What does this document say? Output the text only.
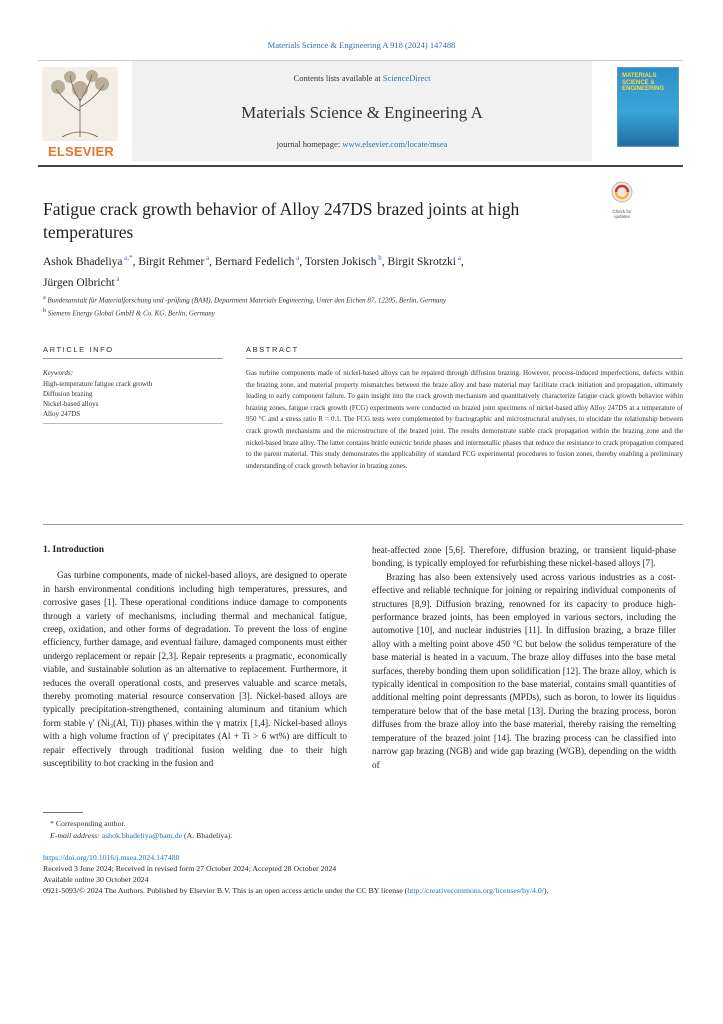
Materials Science & Engineering A 918 (2024) 147488
ELSEVIER
Contents lists available at ScienceDirect
Materials Science & Engineering A
journal homepage: www.elsevier.com/locate/msea
MATERIALS SCIENCE & ENGINEERING
Fatigue crack growth behavior of Alloy 247DS brazed joints at high temperatures
Check for updates
Ashok Bhadeliya $^{a,*}$, Birgit Rehmer $^a$, Bernard Fedelich $^a$, Torsten Jokisch $^b$, Birgit Skrotzki $^a$,
Jürgen Olbricht $^a$
$^a$ Bundesanstalt für Materialforschung und -prüfung (BAM), Department Materials Engineering, Unter den Eichen 87, 12205, Berlin, Germany
$^b$ Siemens Energy Global GmbH & Co. KG, Berlin, Germany
ARTICLE INFO
Keywords:
High-temperature fatigue crack growth
Diffusion brazing
Nickel-based alloys
Alloy 247DS
ABSTRACT
Gas turbine components made of nickel-based alloys can be repaired through diffusion brazing. However, process-induced imperfections, defects within the brazing zone, and material property mismatches between the braze alloy and base material may facilitate crack initiation and propagation, ultimately leading to early component failure. To gain insight into the crack growth mechanism and quantitatively characterize fatigue crack growth behavior within brazing zones, fatigue crack growth (FCG) experiments were conducted on brazed joint specimens of nickel-based alloy Alloy 247DS at a temperature of 950 °C and a stress ratio R = 0.1. The FCG tests were complemented by fractographic and microstructural analyses, to elucidate the relationship between crack growth mechanisms and the microstructure of the brazed joint. The results demonstrate stable crack propagation within the brazing zone and the nickel-based braze alloy. The latter contains brittle eutectic boride phases and intermetallic phases that reduce the resistance to crack propagation compared to the parent material. This study demonstrates the applicability of standard FCG experimental procedures to fusion zones, thereby enabling a preliminary understanding of crack growth behavior in brazing zones.
1. Introduction

Gas turbine components, made of nickel-based alloys, are designed to operate in harsh environmental conditions including high temperatures, pressures, and corrosive gases [1]. These operational conditions induce damage to components through a variety of mechanisms, including thermal and mechanical fatigue, creep, oxidation, and other forms of degradation. To prevent the loss of engine efficiency, further damage, and eventual failure, damaged components must either undergo replacement or repair [2,3]. Repair represents a pragmatic, economically viable, and sustainable solution as an alternative to replacement. Furthermore, it reduces the overall operational costs, and preserves valuable and scarce metals, thereby promoting material resource conservation [3]. Nickel-based alloys are typically precipitation-strengthened, containing aluminum and titanium which form stable γ′ (Ni₃(Al, Ti)) phases within the γ matrix [1,4]. Nickel-based alloys with a high volume fraction of γ′ precipitates (Al + Ti > 6 wt%) are difficult to repair effectively through traditional fusion welding due to their high susceptibility to hot cracking in the fusion and

heat-affected zone [5,6]. Therefore, diffusion brazing, or transient liquid-phase bonding, is typically employed for refurbishing these nickel-based alloys [7].

Brazing has also been extensively used across various industries as a cost-effective and reliable technique for joining or repairing individual components of structures [8,9]. Diffusion brazing, renowned for its capacity to produce high-performance brazed joints, has been employed in various sectors, including the automotive [10], and nuclear industries [11]. In diffusion brazing, a braze filler alloy with a melting point above 450 °C but below the solidus temperature of the base material is heated in a vacuum. The braze alloy diffuses into the base metal surfaces, thereby bonding them upon solidification [12]. The braze alloy, which is typically identical in composition to the base material, contains small quantities of additional melting point depressants (MPDs), such as boron, to lower its liquidus temperature below that of the base metal [13]. During the brazing process, boron diffuses from the braze alloy into the base material, thereby raising the remelting temperature of the brazed joint [14]. The brazing process can be classified into narrow gap brazing (NGB) and wide gap brazing (WGB), depending on the width of

* Corresponding author.
E-mail address: ashok.bhadeliya@bam.de (A. Bhadeliya).
https://doi.org/10.1016/j.msea.2024.147488
Received 3 June 2024; Received in revised form 27 October 2024; Accepted 28 October 2024
Available online 30 October 2024
0921-5093/© 2024 The Authors. Published by Elsevier B.V. This is an open access article under the CC BY license (http://creativecommons.org/licenses/by/4.0/).
